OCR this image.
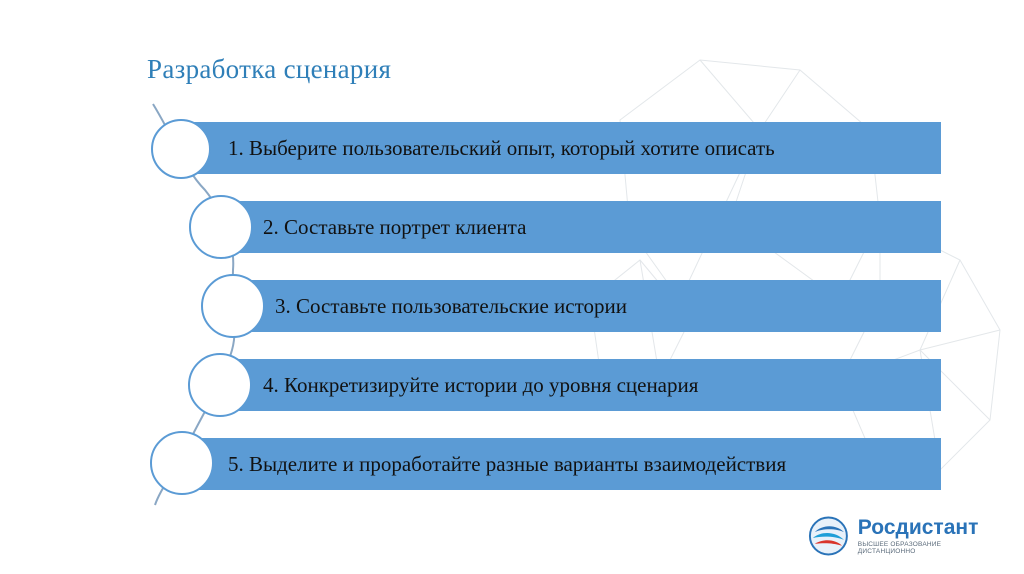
Разработка сценария
1. Выберите пользовательский опыт, который хотите описать
2. Составьте портрет клиента
3. Составьте пользовательские истории
4. Конкретизируйте истории до уровня сценария
5. Выделите и проработайте разные варианты взаимодействия
Росдистант
ВЫСШЕЕ ОБРАЗОВАНИЕ ДИСТАНЦИОННО
